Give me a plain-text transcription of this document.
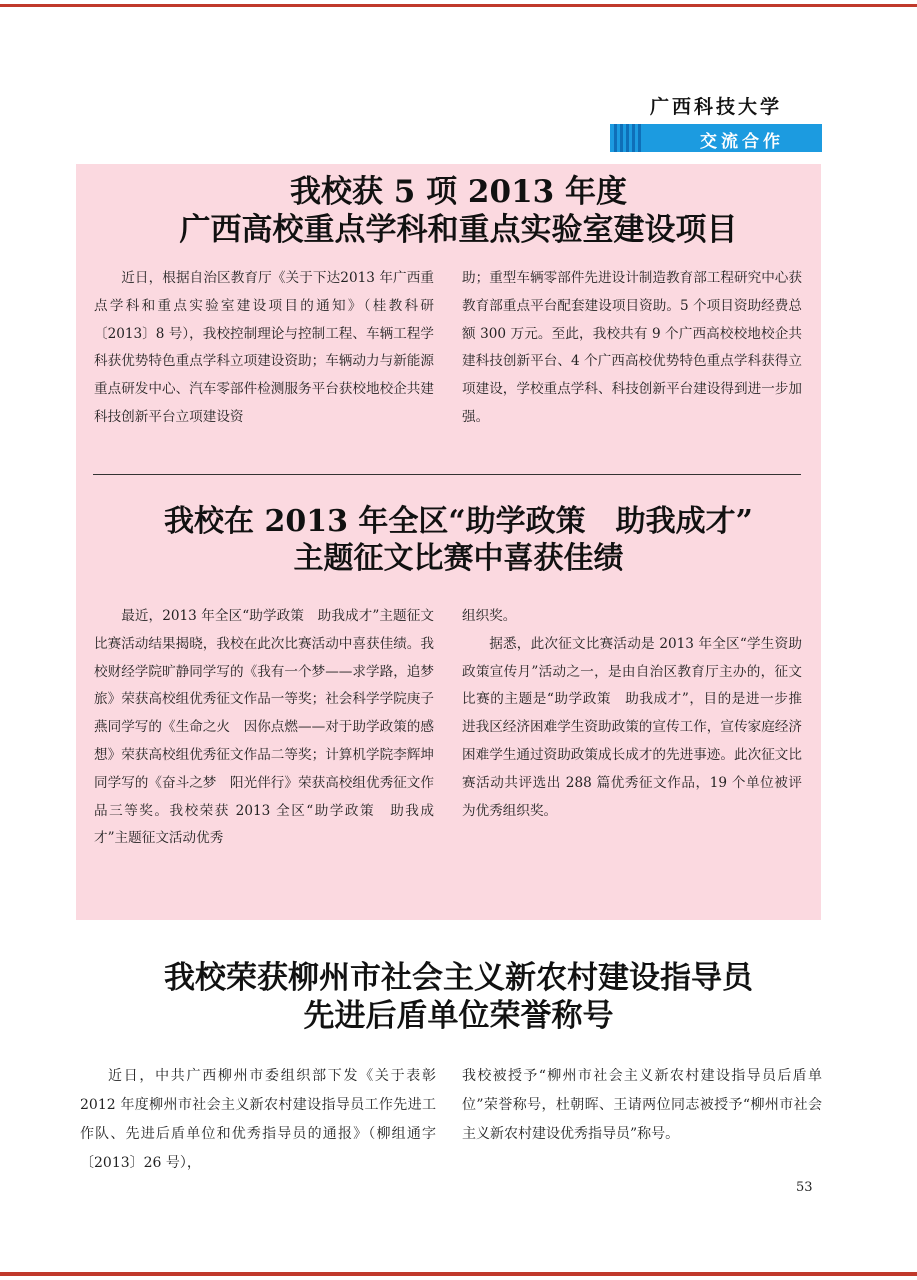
广西科技大学
交流合作
我校获 5 项 2013 年度
广西高校重点学科和重点实验室建设项目

近日，根据自治区教育厅《关于下达2013 年广西重点学科和重点实验室建设项目的通知》（桂教科研〔2013〕8 号），我校控制理论与控制工程、车辆工程学科获优势特色重点学科立项建设资助；车辆动力与新能源重点研发中心、汽车零部件检测服务平台获校地校企共建科技创新平台立项建设资

助；重型车辆零部件先进设计制造教育部工程研究中心获教育部重点平台配套建设项目资助。5 个项目资助经费总额 300 万元。至此，我校共有 9 个广西高校校地校企共建科技创新平台、4 个广西高校优势特色重点学科获得立项建设，学校重点学科、科技创新平台建设得到进一步加强。

我校在 2013 年全区“助学政策　助我成才”
主题征文比赛中喜获佳绩

最近，2013 年全区“助学政策　助我成才”主题征文比赛活动结果揭晓，我校在此次比赛活动中喜获佳绩。我校财经学院旷静同学写的《我有一个梦——求学路，追梦旅》荣获高校组优秀征文作品一等奖；社会科学学院庚子燕同学写的《生命之火　因你点燃——对于助学政策的感想》荣获高校组优秀征文作品二等奖；计算机学院李辉坤同学写的《奋斗之梦　阳光伴行》荣获高校组优秀征文作品三等奖。我校荣获 2013 全区“助学政策　助我成才”主题征文活动优秀

组织奖。

据悉，此次征文比赛活动是 2013 年全区“学生资助政策宣传月”活动之一，是由自治区教育厅主办的，征文比赛的主题是“助学政策　助我成才”，目的是进一步推进我区经济困难学生资助政策的宣传工作，宣传家庭经济困难学生通过资助政策成长成才的先进事迹。此次征文比赛活动共评选出 288 篇优秀征文作品，19 个单位被评为优秀组织奖。

我校荣获柳州市社会主义新农村建设指导员
先进后盾单位荣誉称号

近日，中共广西柳州市委组织部下发《关于表彰 2012 年度柳州市社会主义新农村建设指导员工作先进工作队、先进后盾单位和优秀指导员的通报》（柳组通字〔2013〕26 号），

我校被授予“柳州市社会主义新农村建设指导员后盾单位”荣誉称号，杜朝晖、王请两位同志被授予“柳州市社会主义新农村建设优秀指导员”称号。

53
